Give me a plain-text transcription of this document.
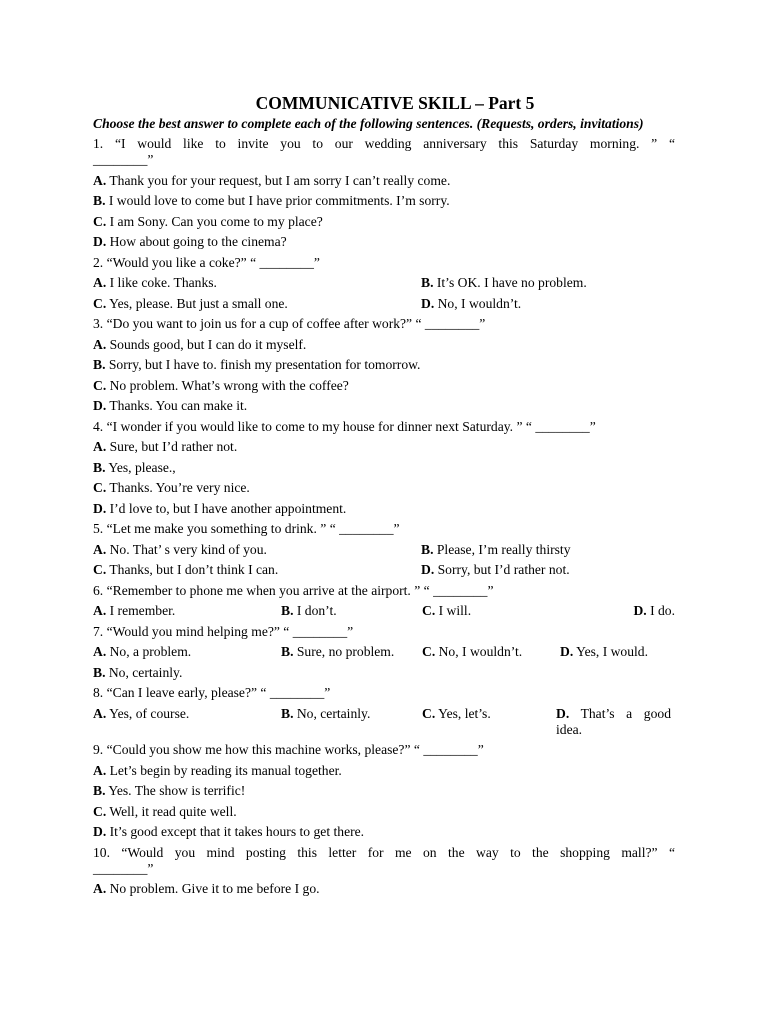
COMMUNICATIVE SKILL – Part 5
Choose the best answer to complete each of the following sentences. (Requests, orders, invitations)
1. “I would like to invite you to our wedding anniversary this Saturday morning. ” “
________”
A. Thank you for your request, but I am sorry I can’t really come.
B. I would love to come but I have prior commitments. I’m sorry.
C. I am Sony. Can you come to my place?
D. How about going to the cinema?
2. “Would you like a coke?” “ ________”
A. I like coke. Thanks.	B. It’s OK. I have no problem.
C. Yes, please. But just a small one.	D. No, I wouldn’t.
3. “Do you want to join us for a cup of coffee after work?” “ ________”
A. Sounds good, but I can do it myself.
B. Sorry, but I have to. finish my presentation for tomorrow.
C. No problem. What’s wrong with the coffee?
D. Thanks. You can make it.
4. “I wonder if you would like to come to my house for dinner next Saturday. ” “ ________”
A. Sure, but I’d rather not.
B. Yes, please.,
C. Thanks. You’re very nice.
D. I’d love to, but I have another appointment.
5. “Let me make you something to drink. ” “ ________”
A. No. That’ s very kind of you.	B. Please, I’m really thirsty
C. Thanks, but I don’t think I can.	D. Sorry, but I’d rather not.
6. “Remember to phone me when you arrive at the airport. ” “ ________”
A. I remember.	B. I don’t.	C. I will.	D. I do.
7. “Would you mind helping me?” “ ________”
A. No, a problem.	B. Sure, no problem.	C. No, I wouldn’t.	D. Yes, I would.
B. No, certainly.
8. “Can I leave early, please?” “ ________”
A. Yes, of course.	B. No, certainly.	C. Yes, let’s.	D. That’s a good idea.
9. “Could you show me how this machine works, please?” “ ________”
A. Let’s begin by reading its manual together.
B. Yes. The show is terrific!
C. Well, it read quite well.
D. It’s good except that it takes hours to get there.
10. “Would you mind posting this letter for me on the way to the shopping mall?” “
________”
A. No problem. Give it to me before I go.
